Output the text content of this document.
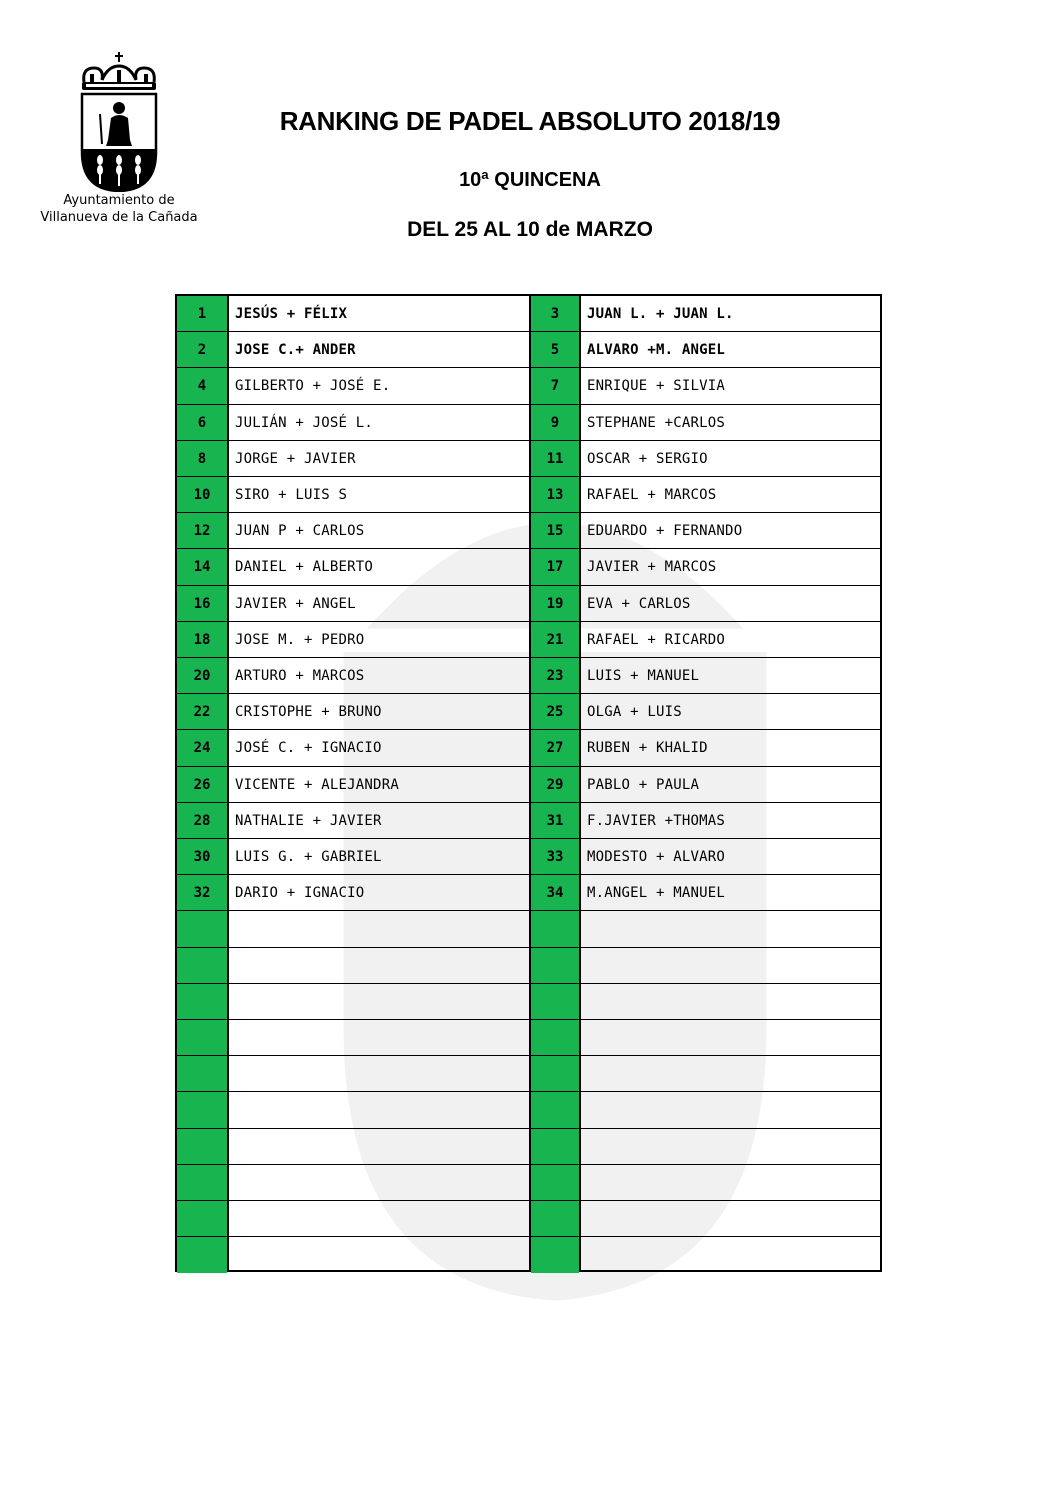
Ayuntamiento de
Villanueva de la Cañada
RANKING DE PADEL ABSOLUTO 2018/19
10ª QUINCENA
DEL 25 AL 10 de MARZO
1	JESÚS + FÉLIX	3	JUAN L. + JUAN L.
2	JOSE C.+ ANDER	5	ALVARO +M. ANGEL
4	GILBERTO + JOSÉ E.	7	ENRIQUE + SILVIA
6	JULIÁN + JOSÉ L.	9	STEPHANE +CARLOS
8	JORGE + JAVIER	11	OSCAR + SERGIO
10	SIRO + LUIS S	13	RAFAEL + MARCOS
12	JUAN P + CARLOS	15	EDUARDO + FERNANDO
14	DANIEL + ALBERTO	17	JAVIER + MARCOS
16	JAVIER + ANGEL	19	EVA + CARLOS
18	JOSE M. + PEDRO	21	RAFAEL + RICARDO
20	ARTURO + MARCOS	23	LUIS + MANUEL
22	CRISTOPHE + BRUNO	25	OLGA + LUIS
24	JOSÉ C. + IGNACIO	27	RUBEN + KHALID
26	VICENTE + ALEJANDRA	29	PABLO + PAULA
28	NATHALIE + JAVIER	31	F.JAVIER +THOMAS
30	LUIS G. + GABRIEL	33	MODESTO + ALVARO
32	DARIO + IGNACIO	34	M.ANGEL + MANUEL
